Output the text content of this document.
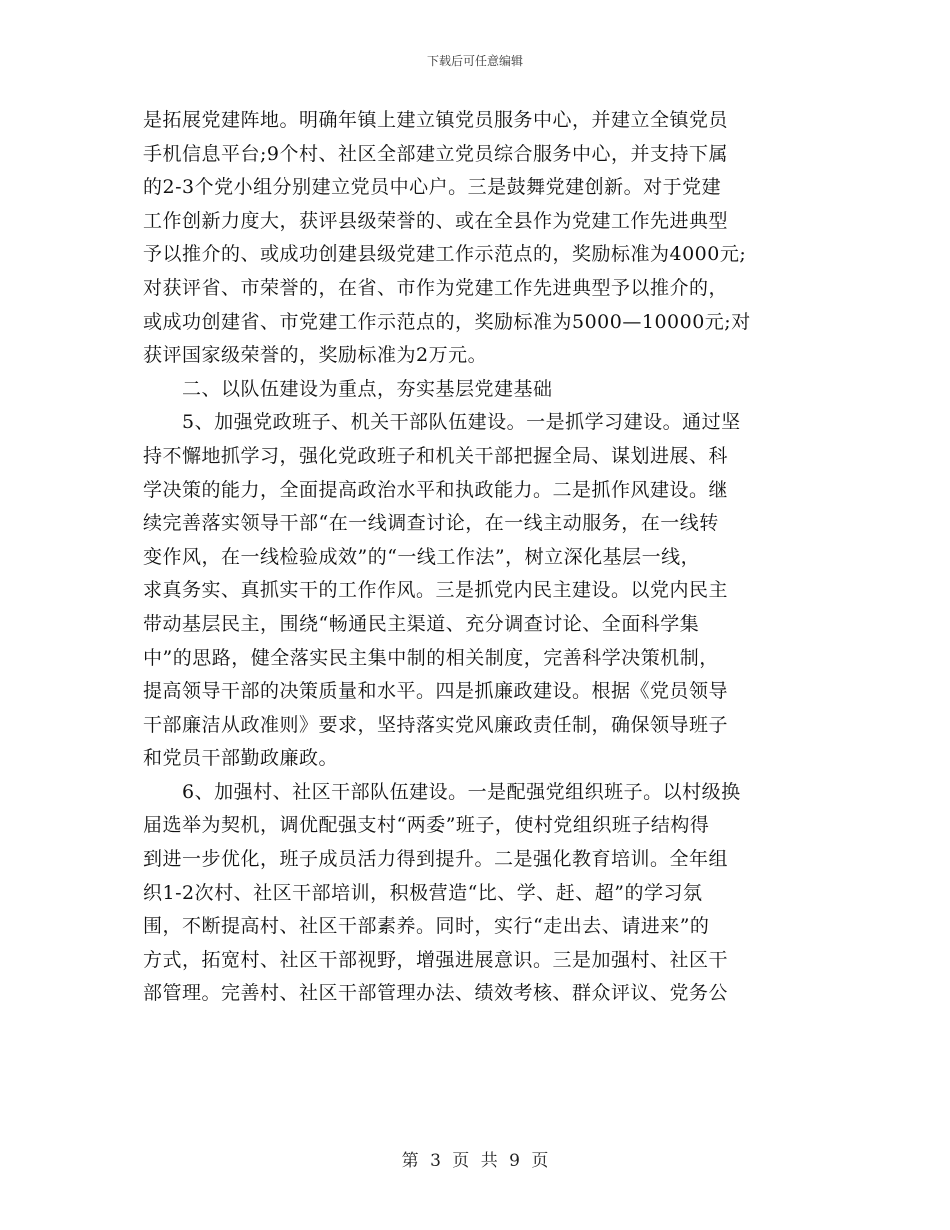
下载后可任意编辑
是拓展党建阵地。明确年镇上建立镇党员服务中心，并建立全镇党员
手机信息平台;9个村、社区全部建立党员综合服务中心，并支持下属
的2-3个党小组分别建立党员中心户。三是鼓舞党建创新。对于党建
工作创新力度大，获评县级荣誉的、或在全县作为党建工作先进典型
予以推介的、或成功创建县级党建工作示范点的，奖励标准为4000元;
对获评省、市荣誉的，在省、市作为党建工作先进典型予以推介的，
或成功创建省、市党建工作示范点的，奖励标准为5000—10000元;对
获评国家级荣誉的，奖励标准为2万元。
　　二、以队伍建设为重点，夯实基层党建基础
　　5、加强党政班子、机关干部队伍建设。一是抓学习建设。通过坚
持不懈地抓学习，强化党政班子和机关干部把握全局、谋划进展、科
学决策的能力，全面提高政治水平和执政能力。二是抓作风建设。继
续完善落实领导干部“在一线调查讨论，在一线主动服务，在一线转
变作风，在一线检验成效”的“一线工作法”，树立深化基层一线，
求真务实、真抓实干的工作作风。三是抓党内民主建设。以党内民主
带动基层民主，围绕“畅通民主渠道、充分调查讨论、全面科学集
中”的思路，健全落实民主集中制的相关制度，完善科学决策机制，
提高领导干部的决策质量和水平。四是抓廉政建设。根据《党员领导
干部廉洁从政准则》要求，坚持落实党风廉政责任制，确保领导班子
和党员干部勤政廉政。
　　6、加强村、社区干部队伍建设。一是配强党组织班子。以村级换
届选举为契机，调优配强支村“两委”班子，使村党组织班子结构得
到进一步优化，班子成员活力得到提升。二是强化教育培训。全年组
织1-2次村、社区干部培训，积极营造“比、学、赶、超”的学习氛
围，不断提高村、社区干部素养。同时，实行“走出去、请进来”的
方式，拓宽村、社区干部视野，增强进展意识。三是加强村、社区干
部管理。完善村、社区干部管理办法、绩效考核、群众评议、党务公
第 3 页 共 9 页
